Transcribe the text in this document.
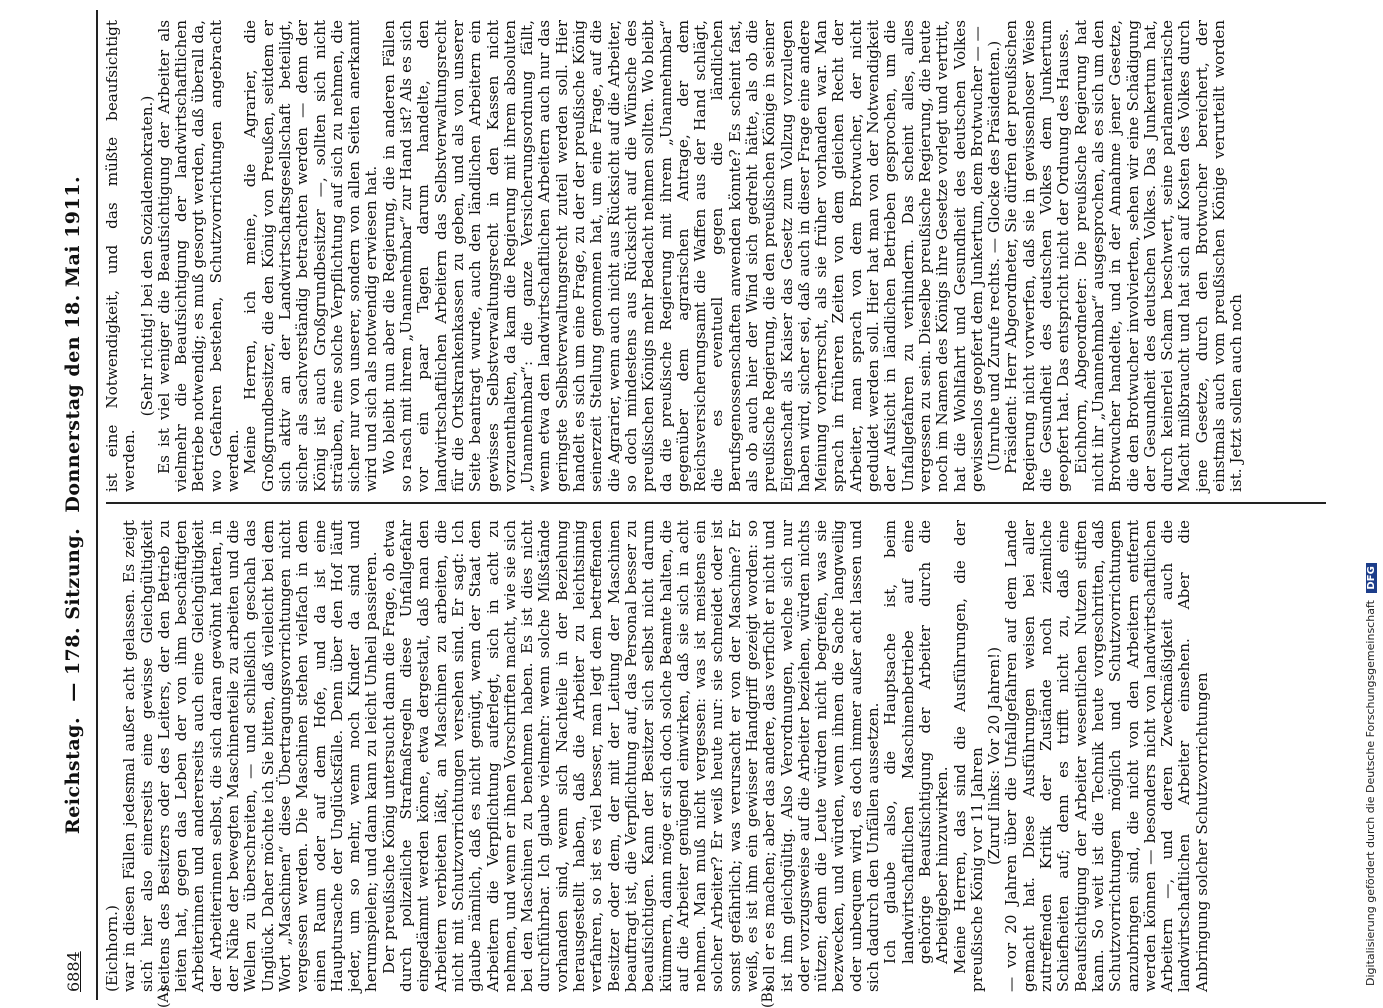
6884
Reichstag. — 178. Sitzung. Donnerstag den 18. Mai 1911.
(A)	(B)

(Eichhorn.) war in diesen Fällen jedesmal außer acht gelassen. Es zeigt sich hier also einerseits eine gewisse Gleichgültigkeit seitens des Besitzers oder des Leiters, der den Betrieb zu leiten hat, gegen das Leben der von ihm beschäftigten Arbeiterinnen und andererseits auch eine Gleichgültigkeit der Arbeiterinnen selbst, die sich daran gewöhnt hatten, in der Nähe der bewegten Maschinenteile zu arbeiten und die Wellen zu überschreiten, — und schließlich geschah das Unglück. Daher möchte ich Sie bitten, daß vielleicht bei dem Wort „Maschinen“ diese Übertragungsvorrichtungen nicht vergessen werden. Die Maschinen stehen vielfach in dem einen Raum oder auf dem Hofe, und da ist eine Hauptursache der Unglücksfälle. Denn über den Hof läuft jeder, um so mehr, wenn noch Kinder da sind und herumspielen; und dann kann zu leicht Unheil passieren. Der preußische König untersucht dann die Frage, ob etwa durch polizeiliche Strafmaßregeln diese Unfallgefahr eingedämmt werden könne, etwa dergestalt, daß man den Arbeitern verbieten läßt, an Maschinen zu arbeiten, die nicht mit Schutzvorrichtungen versehen sind. Er sagt: Ich glaube nämlich, daß es nicht genügt, wenn der Staat den Arbeitern die Verpflichtung auferlegt, sich in acht zu nehmen, und wenn er ihnen Vorschriften macht, wie sie sich bei den Maschinen zu benehmen haben. Es ist dies nicht durchführbar. Ich glaube vielmehr: wenn solche Mißstände vorhanden sind, wenn sich Nachteile in der Beziehung herausgestellt haben, daß die Arbeiter zu leichtsinnig verfahren, so ist es viel besser, man legt dem betreffenden Besitzer oder dem, der mit der Leitung der Maschinen beauftragt ist, die Verpflichtung auf, das Personal besser zu beaufsichtigen. Kann der Besitzer sich selbst nicht darum kümmern, dann möge er sich doch solche Beamte halten, die auf die Arbeiter genügend einwirken, daß sie sich in acht nehmen. Man muß nicht vergessen: was ist meistens ein solcher Arbeiter? Er weiß heute nur: sie schneidet oder ist sonst gefährlich; was verursacht er von der Maschine? Er weiß, es ist ihm ein gewisser Handgriff gezeigt worden: so soll er es machen; aber das andere, das verficht er nicht und ist ihm gleichgültig. Also Verordnungen, welche sich nur oder vorzugsweise auf die Arbeiter beziehen, würden nichts nützen; denn die Leute würden nicht begreifen, was sie bezwecken, und würden, wenn ihnen die Sache langweilig oder unbequem wird, es doch immer außer acht lassen und sich dadurch den Unfällen aussetzen. Ich glaube also, die Hauptsache ist, beim landwirtschaftlichen Maschinenbetriebe auf eine gehörige Beaufsichtigung der Arbeiter durch die Arbeitgeber hinzuwirken. Meine Herren, das sind die Ausführungen, die der preußische König vor 11 Jahren (Zuruf links: Vor 20 Jahren!) — vor 20 Jahren über die Unfallgefahren auf dem Lande gemacht hat. Diese Ausführungen weisen bei aller zutreffenden Kritik der Zustände noch ziemliche Schiefheiten auf; denn es trifft nicht zu, daß eine Beaufsichtigung der Arbeiter wesentlichen Nutzen stiften kann. So weit ist die Technik heute vorgeschritten, daß Schutzvorrichtungen möglich und Schutzvorrichtungen anzubringen sind, die nicht von den Arbeitern entfernt werden können — besonders nicht von landwirtschaftlichen Arbeitern —, und deren Zweckmäßigkeit auch die landwirtschaftlichen Arbeiter einsehen. Aber die Anbringung solcher Schutzvorrichtungen

ist eine Notwendigkeit, und das müßte beaufsichtigt werden.

(Sehr richtig! bei den Sozialdemokraten.) Es ist viel weniger die Beaufsichtigung der Arbeiter als vielmehr die Beaufsichtigung der landwirtschaftlichen Betriebe notwendig; es muß gesorgt werden, daß überall da, wo Gefahren bestehen, Schutzvorrichtungen angebracht werden. Meine Herren, ich meine, die Agrarier, die Großgrundbesitzer, die den König von Preußen, seitdem er sich aktiv an der Landwirtschaftsgesellschaft beteiligt, sicher als sachverständig betrachten werden — denn der König ist auch Großgrundbesitzer —, sollten sich nicht sträuben, eine solche Verpflichtung auf sich zu nehmen, die sicher nur von unserer, sondern von allen Seiten anerkannt wird und sich als notwendig erwiesen hat. Wo bleibt nun aber die Regierung, die in anderen Fällen so rasch mit ihrem „Unannehmbar“ zur Hand ist? Als es sich vor ein paar Tagen darum handelte, den landwirtschaftlichen Arbeitern das Selbstverwaltungsrecht für die Ortskrankenkassen zu geben, und als von unserer Seite beantragt wurde, auch den ländlichen Arbeitern ein gewisses Selbstverwaltungsrecht in den Kassen nicht vorzuenthalten, da kam die Regierung mit ihrem absoluten „Unannehmbar“: die ganze Versicherungsordnung fällt, wenn etwa den landwirtschaftlichen Arbeitern auch nur das geringste Selbstverwaltungsrecht zuteil werden soll. Hier handelt es sich um eine Frage, zu der der preußische König seinerzeit Stellung genommen hat, um eine Frage, auf die die Agrarier, wenn auch nicht aus Rücksicht auf die Arbeiter, so doch mindestens aus Rücksicht auf die Wünsche des preußischen Königs mehr Bedacht nehmen sollten. Wo bleibt da die preußische Regierung mit ihrem „Unannehmbar“ gegenüber dem agrarischen Antrage, der dem Reichsversicherungsamt die Waffen aus der Hand schlägt, die es eventuell gegen die ländlichen Berufsgenossenschaften anwenden könnte? Es scheint fast, als ob auch hier der Wind sich gedreht hätte, als ob die preußische Regierung, die den preußischen Könige in seiner Eigenschaft als Kaiser das Gesetz zum Vollzug vorzulegen haben wird, sicher sei, daß auch in dieser Frage eine andere Meinung vorherrscht, als sie früher vorhanden war. Man sprach in früheren Zeiten von dem gleichen Recht der Arbeiter, man sprach von dem Brotwucher, der nicht geduldet werden soll. Hier hat man von der Notwendigkeit der Aufsicht in ländlichen Betrieben gesprochen, um die Unfallgefahren zu verhindern. Das scheint alles, alles vergessen zu sein. Dieselbe preußische Regierung, die heute noch im Namen des Königs ihre Gesetze vorlegt und vertritt, hat die Wohlfahrt und Gesundheit des deutschen Volkes gewissenlos geopfert dem Junkertum, dem Brotwucher — — (Unruhe und Zurufe rechts. — Glocke des Präsidenten.) Präsident: Herr Abgeordneter, Sie dürfen der preußischen Regierung nicht vorwerfen, daß sie in gewissenloser Weise die Gesundheit des deutschen Volkes dem Junkertum geopfert hat. Das entspricht nicht der Ordnung des Hauses. Eichhorn, Abgeordneter: Die preußische Regierung hat nicht ihr „Unannehmbar“ ausgesprochen, als es sich um den Brotwucher handelte, und in der Annahme jener Gesetze, die den Brotwucher involvierten, sehen wir eine Schädigung der Gesundheit des deutschen Volkes. Das Junkertum hat, durch keinerlei Scham beschwert, seine parlamentarische Macht mißbraucht und hat sich auf Kosten des Volkes durch jene Gesetze, durch den Brotwucher bereichert, der einstmals auch vom preußischen Könige verurteilt worden ist. Jetzt sollen auch noch

Digitalisierung gefördert durch die Deutsche Forschungsgemeinschaft DFG
